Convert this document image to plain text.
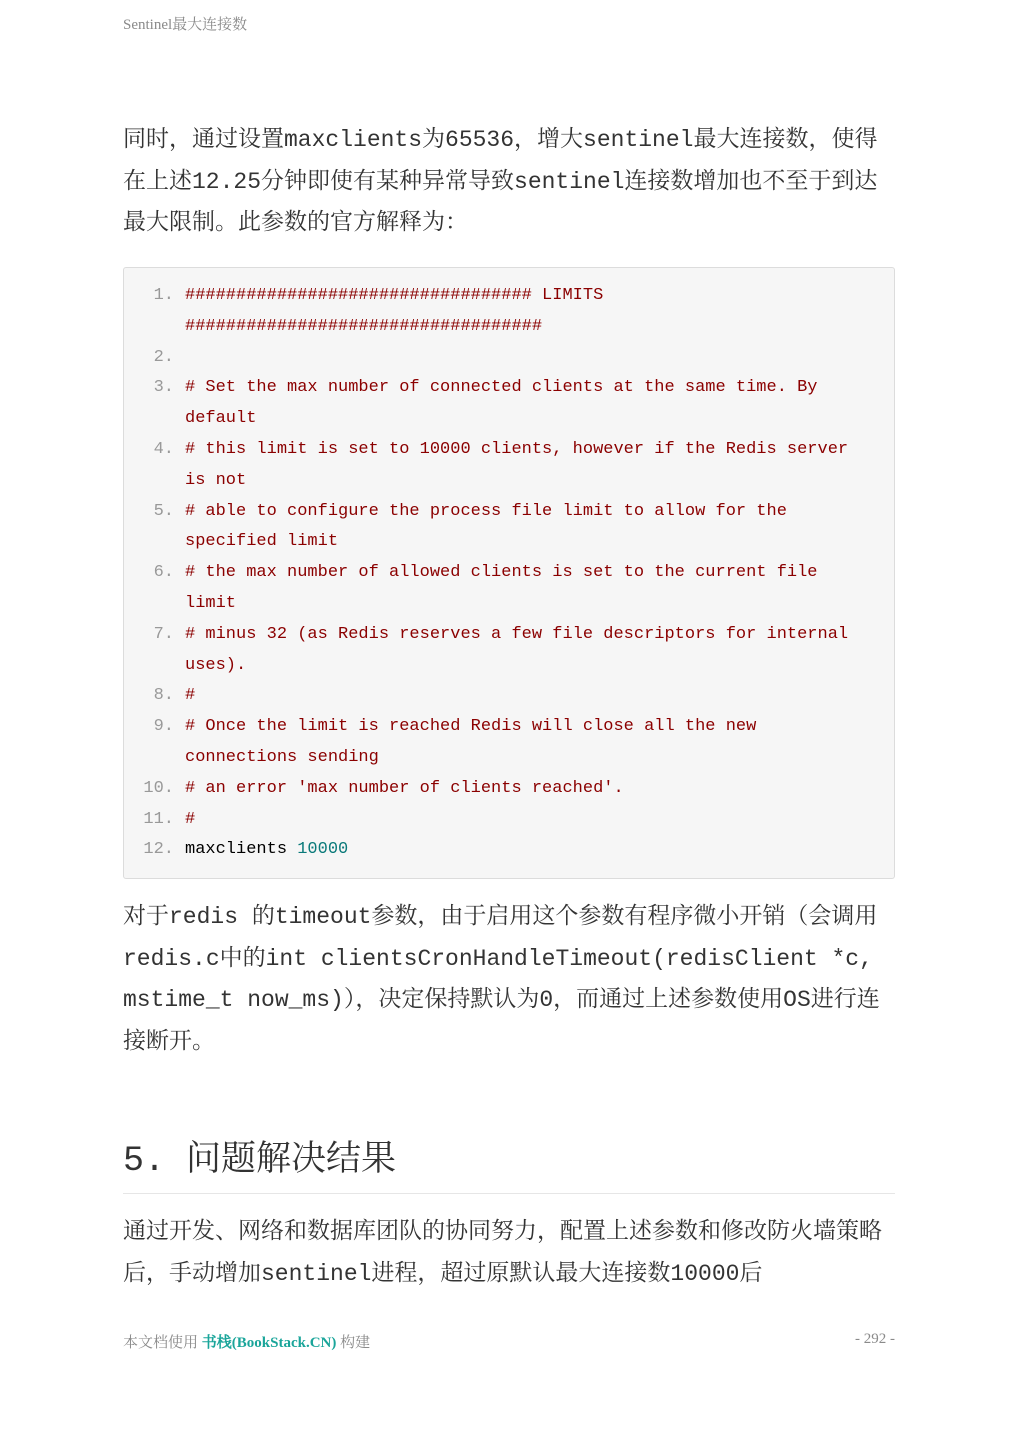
Sentinel最大连接数

同时，通过设置maxclients为65536，增大sentinel最大连接数，使得在上述12.25分钟即使有某种异常导致sentinel连接数增加也不至于到达最大限制。此参数的官方解释为：

1. ################################## LIMITS ###################################
2.
3. # Set the max number of connected clients at the same time. By default
4. # this limit is set to 10000 clients, however if the Redis server is not
5. # able to configure the process file limit to allow for the specified limit
6. # the max number of allowed clients is set to the current file limit
7. # minus 32 (as Redis reserves a few file descriptors for internal uses).
8. #
9. # Once the limit is reached Redis will close all the new connections sending
10. # an error 'max number of clients reached'.
11. #
12. maxclients 10000

对于redis 的timeout参数，由于启用这个参数有程序微小开销（会调用redis.c中的int clientsCronHandleTimeout(redisClient *c, mstime_t now_ms)），决定保持默认为0，而通过上述参数使用OS进行连接断开。

5. 问题解决结果

通过开发、网络和数据库团队的协同努力，配置上述参数和修改防火墙策略后，手动增加sentinel进程，超过原默认最大连接数10000后

本文档使用 书栈(BookStack.CN) 构建	- 292 -
